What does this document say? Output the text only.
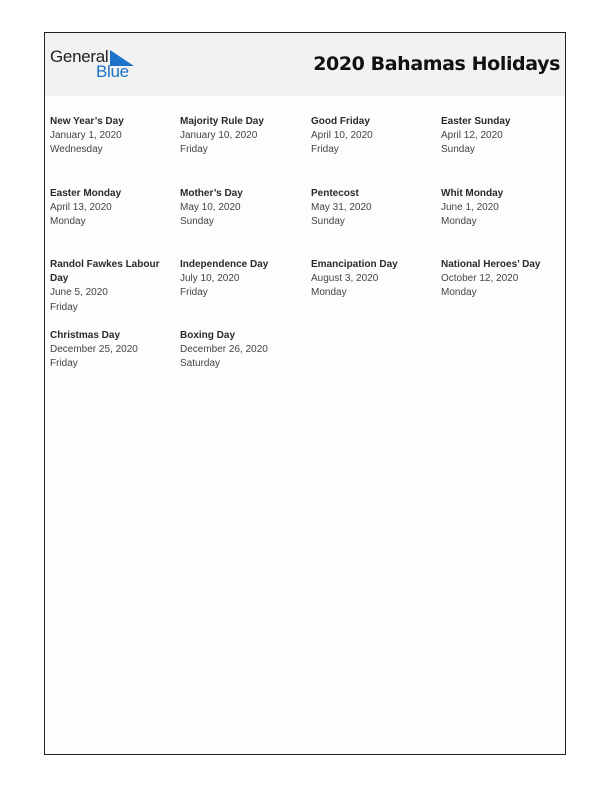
General
Blue	2020 Bahamas Holidays
New Year’s Day
January 1, 2020
Wednesday
Majority Rule Day
January 10, 2020
Friday
Good Friday
April 10, 2020
Friday
Easter Sunday
April 12, 2020
Sunday
Easter Monday
April 13, 2020
Monday
Mother’s Day
May 10, 2020
Sunday
Pentecost
May 31, 2020
Sunday
Whit Monday
June 1, 2020
Monday
Randol Fawkes Labour Day
June 5, 2020
Friday
Independence Day
July 10, 2020
Friday
Emancipation Day
August 3, 2020
Monday
National Heroes’ Day
October 12, 2020
Monday
Christmas Day
December 25, 2020
Friday
Boxing Day
December 26, 2020
Saturday
